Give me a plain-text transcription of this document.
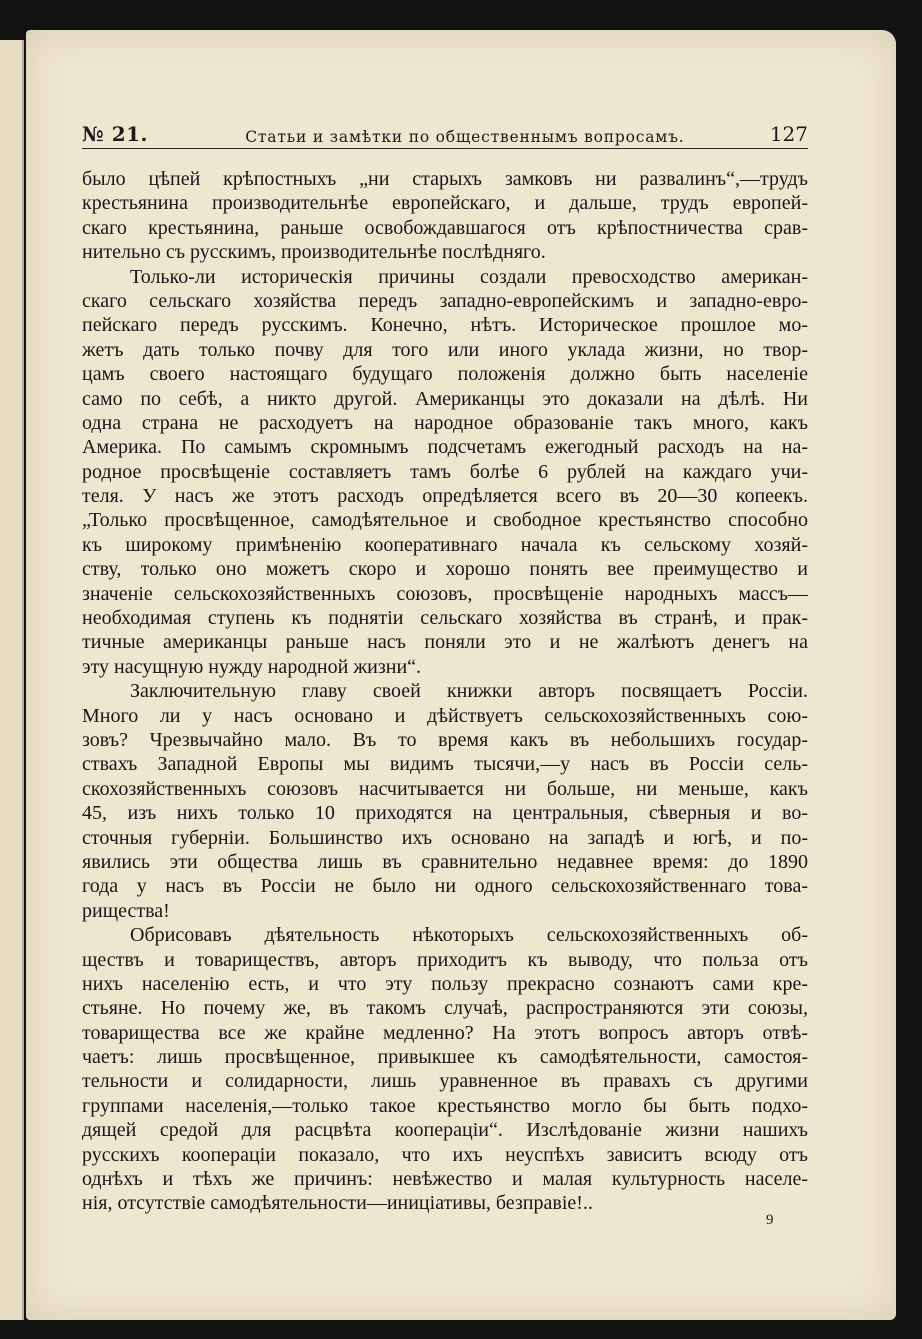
№ 21.	Статьи и замѣтки по общественнымъ вопросамъ.	127
было цѣпей крѣпостныхъ „ни старыхъ замковъ ни развалинъ“,—трудъ
крестьянина производительнѣе европейскаго, и дальше, трудъ европей-
скаго крестьянина, раньше освобождавшагося отъ крѣпостничества срав-
нительно съ русскимъ, производительнѣе послѣдняго.
Только-ли историческія причины создали превосходство американ-
скаго сельскаго хозяйства передъ западно-европейскимъ и западно-евро-
пейскаго передъ русскимъ. Конечно, нѣтъ. Историческое прошлое мо-
жетъ дать только почву для того или иного уклада жизни, но твор-
цамъ своего настоящаго будущаго положенія должно быть населеніе
само по себѣ, а никто другой. Американцы это доказали на дѣлѣ. Ни
одна страна не расходуетъ на народное образованіе такъ много, какъ
Америка. По самымъ скромнымъ подсчетамъ ежегодный расходъ на на-
родное просвѣщеніе составляетъ тамъ болѣе 6 рублей на каждаго учи-
теля. У насъ же этотъ расходъ опредѣляется всего въ 20—30 копеекъ.
„Только просвѣщенное, самодѣятельное и свободное крестьянство способно
къ широкому примѣненію кооперативнаго начала къ сельскому хозяй-
ству, только оно можетъ скоро и хорошо понять вее преимущество и
значеніе сельскохозяйственныхъ союзовъ, просвѣщеніе народныхъ массъ—
необходимая ступень къ поднятіи сельскаго хозяйства въ странѣ, и прак-
тичные американцы раньше насъ поняли это и не жалѣютъ денегъ на
эту насущную нужду народной жизни“.
Заключительную главу своей книжки авторъ посвящаетъ Россіи.
Много ли у насъ основано и дѣйствуетъ сельскохозяйственныхъ сою-
зовъ? Чрезвычайно мало. Въ то время какъ въ небольшихъ государ-
ствахъ Западной Европы мы видимъ тысячи,—у насъ въ Россіи сель-
скохозяйственныхъ союзовъ насчитывается ни больше, ни меньше, какъ
45, изъ нихъ только 10 приходятся на центральныя, сѣверныя и во-
сточныя губерніи. Большинство ихъ основано на западѣ и югѣ, и по-
явились эти общества лишь въ сравнительно недавнее время: до 1890
года у насъ въ Россіи не было ни одного сельскохозяйственнаго това-
рищества!
Обрисовавъ дѣятельность нѣкоторыхъ сельскохозяйственныхъ об-
ществъ и товариществъ, авторъ приходитъ къ выводу, что польза отъ
нихъ населенію есть, и что эту пользу прекрасно сознаютъ сами кре-
стьяне. Но почему же, въ такомъ случаѣ, распространяются эти союзы,
товарищества все же крайне медленно? На этотъ вопросъ авторъ отвѣ-
чаетъ: лишь просвѣщенное, привыкшее къ самодѣятельности, самостоя-
тельности и солидарности, лишь уравненное въ правахъ съ другими
группами населенія,—только такое крестьянство могло бы быть подхо-
дящей средой для расцвѣта коопераціи“. Изслѣдованіе жизни нашихъ
русскихъ коопераціи показало, что ихъ неуспѣхъ зависитъ всюду отъ
однѣхъ и тѣхъ же причинъ: невѣжество и малая культурность населе-
нія, отсутствіе самодѣятельности—иниціативы, безправіе!..
9
